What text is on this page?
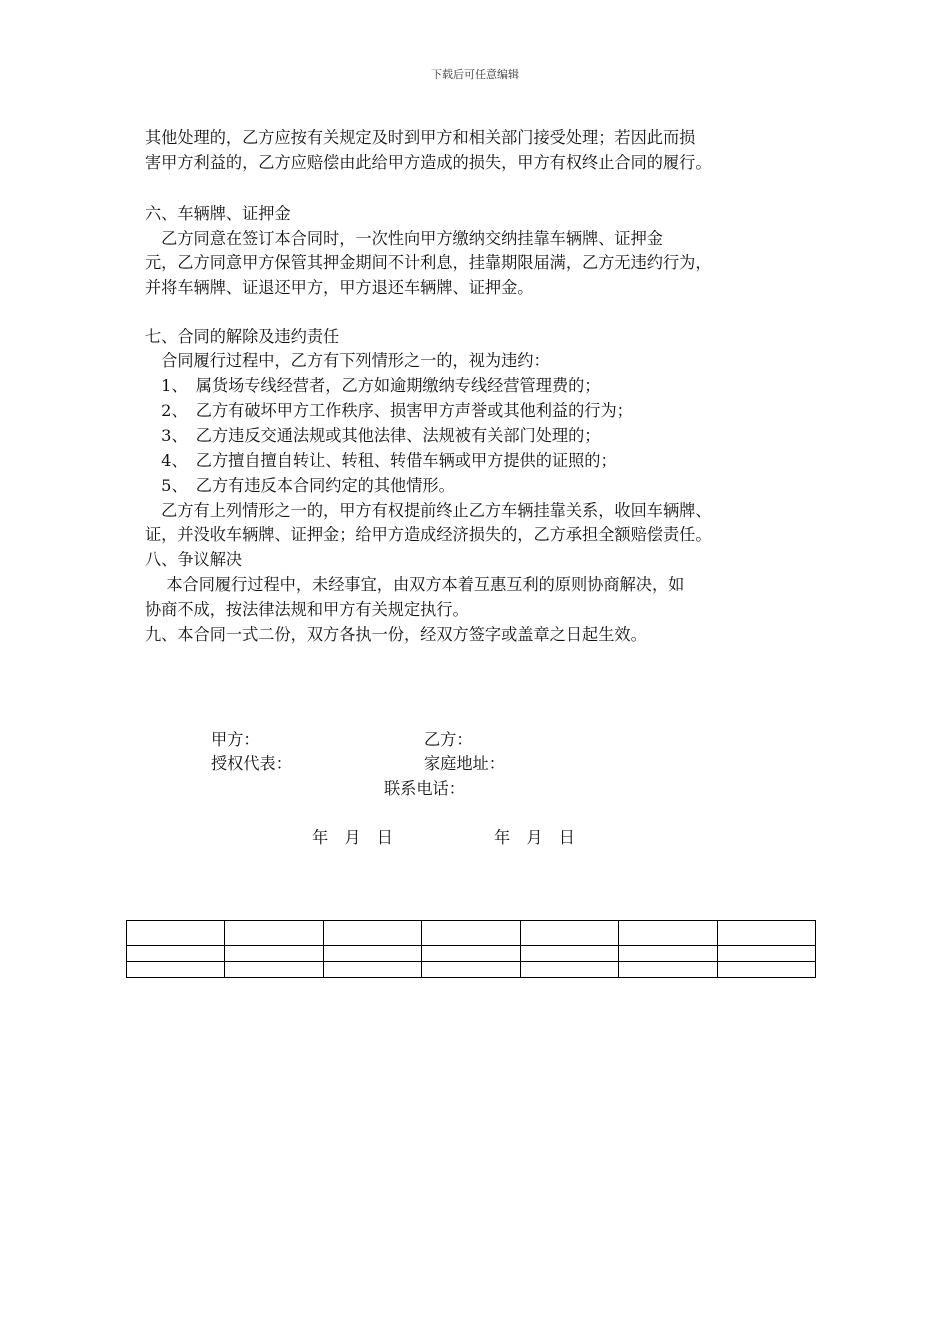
下载后可任意编辑
其他处理的，乙方应按有关规定及时到甲方和相关部门接受处理；若因此而损
害甲方利益的，乙方应赔偿由此给甲方造成的损失，甲方有权终止合同的履行。
六、车辆牌、证押金
　乙方同意在签订本合同时，一次性向甲方缴纳交纳挂靠车辆牌、证押金
元，乙方同意甲方保管其押金期间不计利息，挂靠期限届满，乙方无违约行为，
并将车辆牌、证退还甲方，甲方退还车辆牌、证押金。
七、合同的解除及违约责任
　合同履行过程中，乙方有下列情形之一的，视为违约：
　1、　属货场专线经营者，乙方如逾期缴纳专线经营管理费的；
　2、　乙方有破坏甲方工作秩序、损害甲方声誉或其他利益的行为；
　3、　乙方违反交通法规或其他法律、法规被有关部门处理的；
　4、　乙方擅自擅自转让、转租、转借车辆或甲方提供的证照的；
　5、　乙方有违反本合同约定的其他情形。
　乙方有上列情形之一的，甲方有权提前终止乙方车辆挂靠关系，收回车辆牌、
证，并没收车辆牌、证押金；给甲方造成经济损失的，乙方承担全额赔偿责任。
八、争议解决
　 本合同履行过程中，未经事宜，由双方本着互惠互利的原则协商解决，如
协商不成，按法律法规和甲方有关规定执行。
九、本合同一式二份，双方各执一份，经双方签字或盖章之日起生效。
甲方：	乙方：
授权代表：	家庭地址：
联系电话：
年　月　日	年　月　日
